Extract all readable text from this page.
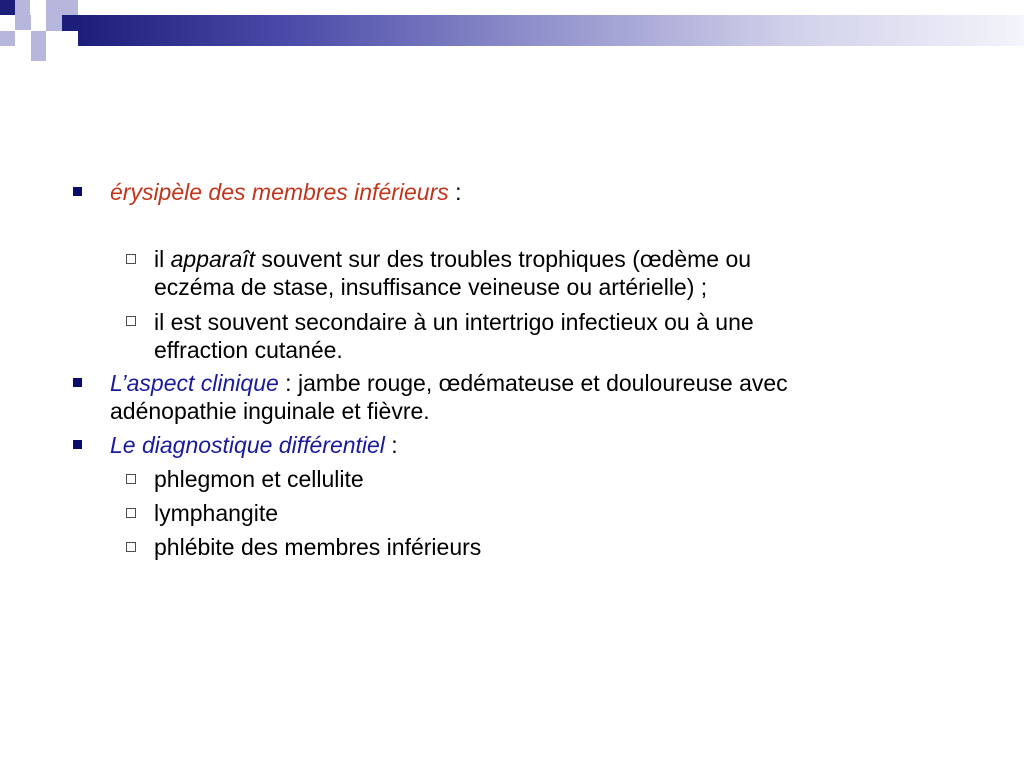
érysipèle des membres inférieurs :
il apparaît souvent sur des troubles trophiques (œdème ou
eczéma de stase, insuffisance veineuse ou artérielle) ;
il est souvent secondaire à un intertrigo infectieux ou à une
effraction cutanée.
L’aspect clinique : jambe rouge, œdémateuse et douloureuse avec
adénopathie inguinale et fièvre.
Le diagnostique différentiel :
phlegmon et cellulite
lymphangite
phlébite des membres inférieurs
